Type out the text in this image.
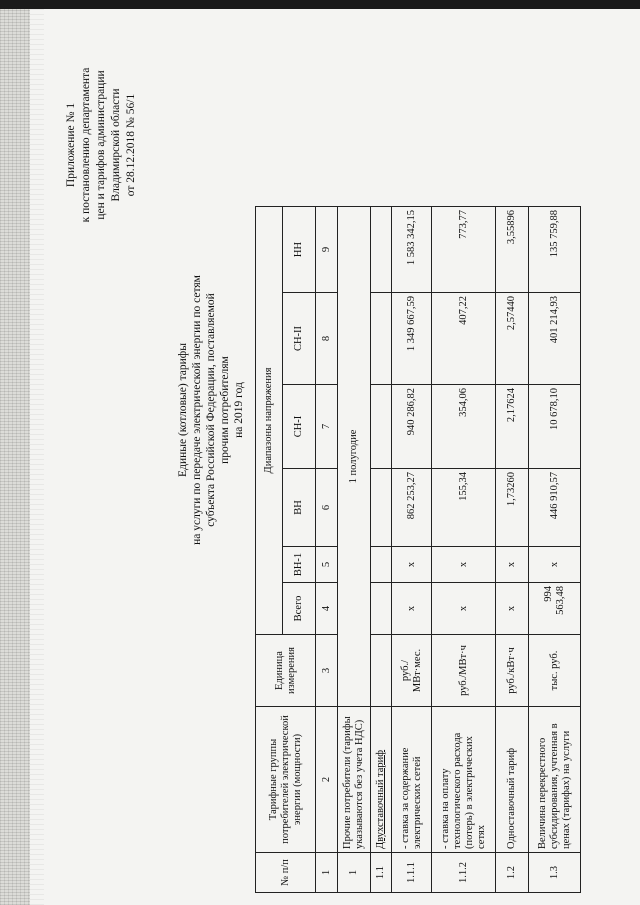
Приложение № 1 к постановлению департамента цен и тарифов администрации Владимирской области от 28.12.2018 № 56/1
Единые (котловые) тарифы на услуги по передаче электрической энергии по сетям субъекта Российской Федерации, поставляемой прочим потребителям на 2019 год
№ п/п	Тарифные группы потребителей электрической энергии (мощности)	Единица измерения	Диапазоны напряжения					
			Всего	ВН-1	ВН	СН-I	СН-II	НН
1	2	3	4	5	6	7	8	9
1	Прочие потребители (тарифы указываются без учета НДС)	1 полугодие						
1.1	Двухставочный тариф							
1.1.1	- ставка за содержание электрических сетей	руб./ МВт·мес.	х	х	862 253,27	940 286,82	1 349 667,59	1 583 342,15
1.1.2	- ставка на оплату технологического расхода (потерь) в электрических сетях	руб./МВт·ч	х	х	155,34	354,06	407,22	773,77
1.2	Одноставочный тариф	руб./кВт·ч	х	х	1,73260	2,17624	2,57440	3,55896
1.3	Величина перекрестного субсидирования, учтенная в ценах (тарифах) на услуги	тыс. руб.	994 563,48	х	446 910,57	10 678,10	401 214,93	135 759,88
